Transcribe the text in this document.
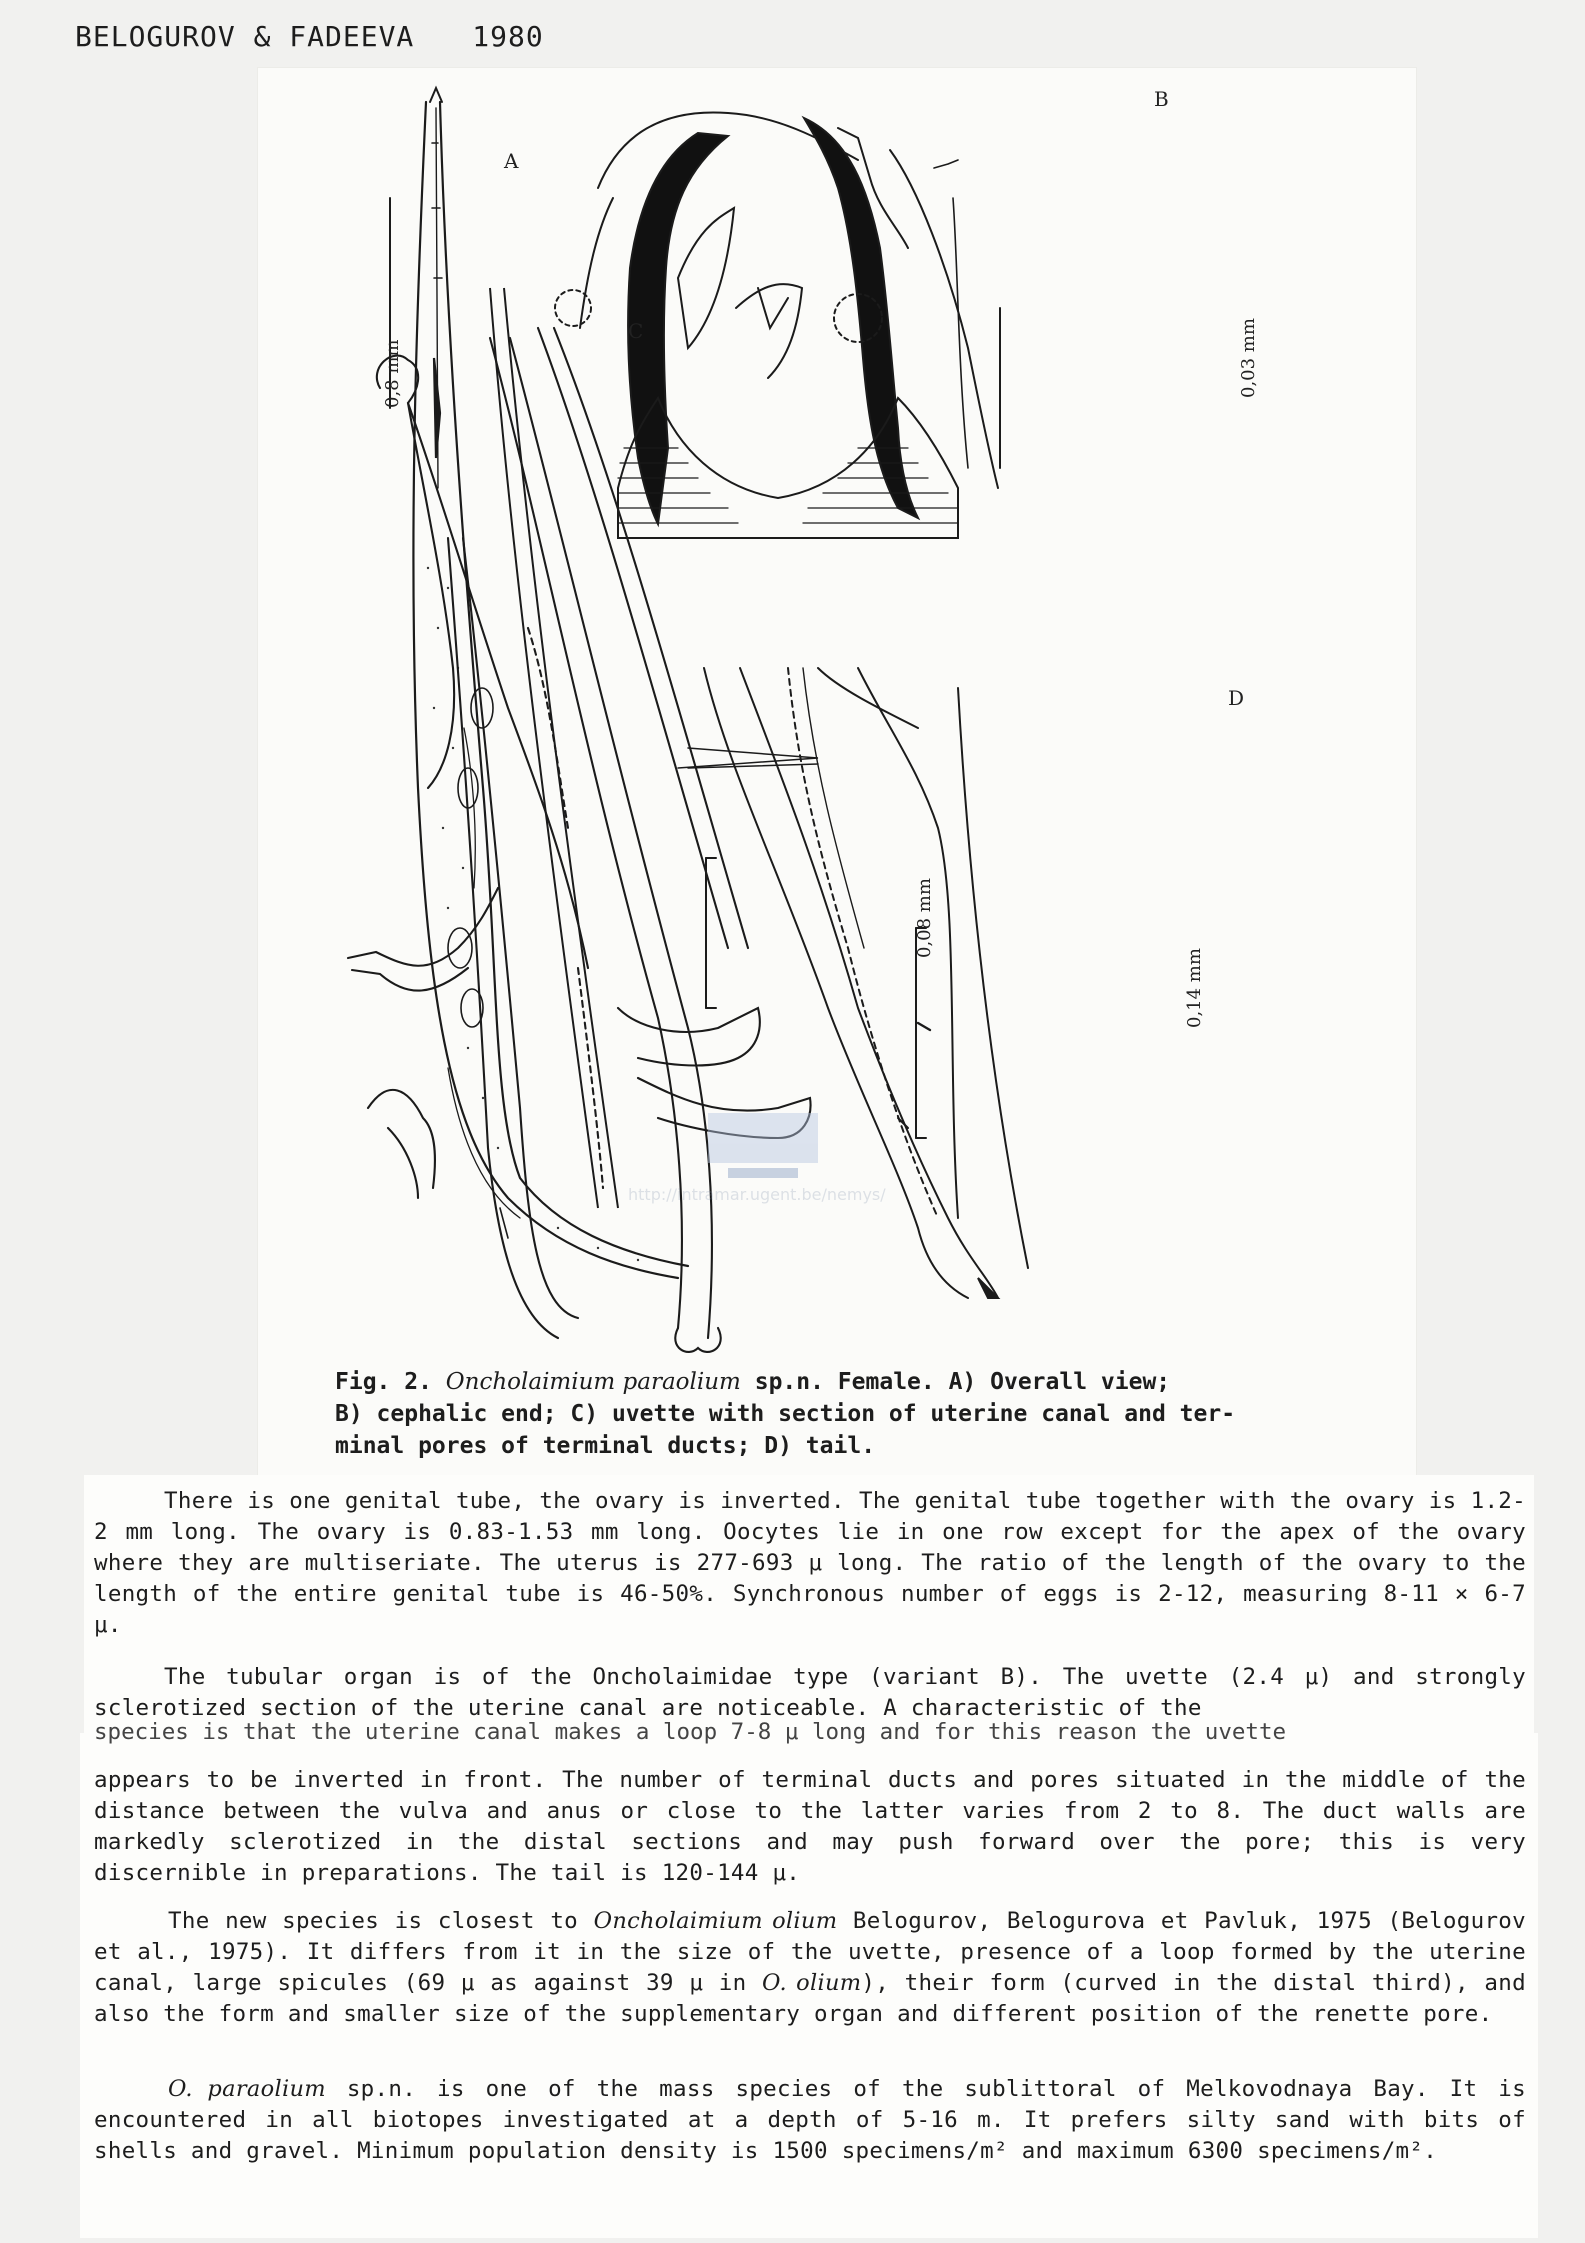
BELOGUROV & FADEEVA 1980
http://intramar.ugent.be/nemys/
A
B
C
D
0,8 mm	0,03 mm
0,08 mm
0,14 mm
Fig. 2. Oncholaimium paraolium sp.n. Female. A) Overall view;
B) cephalic end; C) uvette with section of uterine canal and ter-
minal pores of terminal ducts; D) tail.

There is one genital tube, the ovary is inverted. The genital tube together with the ovary is 1.2-2 mm long. The ovary is 0.83-1.53 mm long. Oocytes lie in one row except for the apex of the ovary where they are multiseriate. The uterus is 277-693 μ long. The ratio of the length of the ovary to the length of the entire genital tube is 46-50%. Synchronous number of eggs is 2-12, measuring 8-11 × 6-7 μ.

The tubular organ is of the Oncholaimidae type (variant B). The uvette (2.4 μ) and strongly sclerotized section of the uterine canal are noticeable. A characteristic of the

species is that the uterine canal makes a loop 7-8 μ long and for this reason the uvette

appears to be inverted in front. The number of terminal ducts and pores situated in the middle of the distance between the vulva and anus or close to the latter varies from 2 to 8. The duct walls are markedly sclerotized in the distal sections and may push forward over the pore; this is very discernible in preparations. The tail is 120-144 μ.

The new species is closest to Oncholaimium olium Belogurov, Belogurova et Pavluk, 1975 (Belogurov et al., 1975). It differs from it in the size of the uvette, presence of a loop formed by the uterine canal, large spicules (69 μ as against 39 μ in O. olium), their form (curved in the distal third), and also the form and smaller size of the supplementary organ and different position of the renette pore.

O. paraolium sp.n. is one of the mass species of the sublittoral of Melkovodnaya Bay. It is encountered in all biotopes investigated at a depth of 5-16 m. It prefers silty sand with bits of shells and gravel. Minimum population density is 1500 specimens/m² and maximum 6300 specimens/m².
